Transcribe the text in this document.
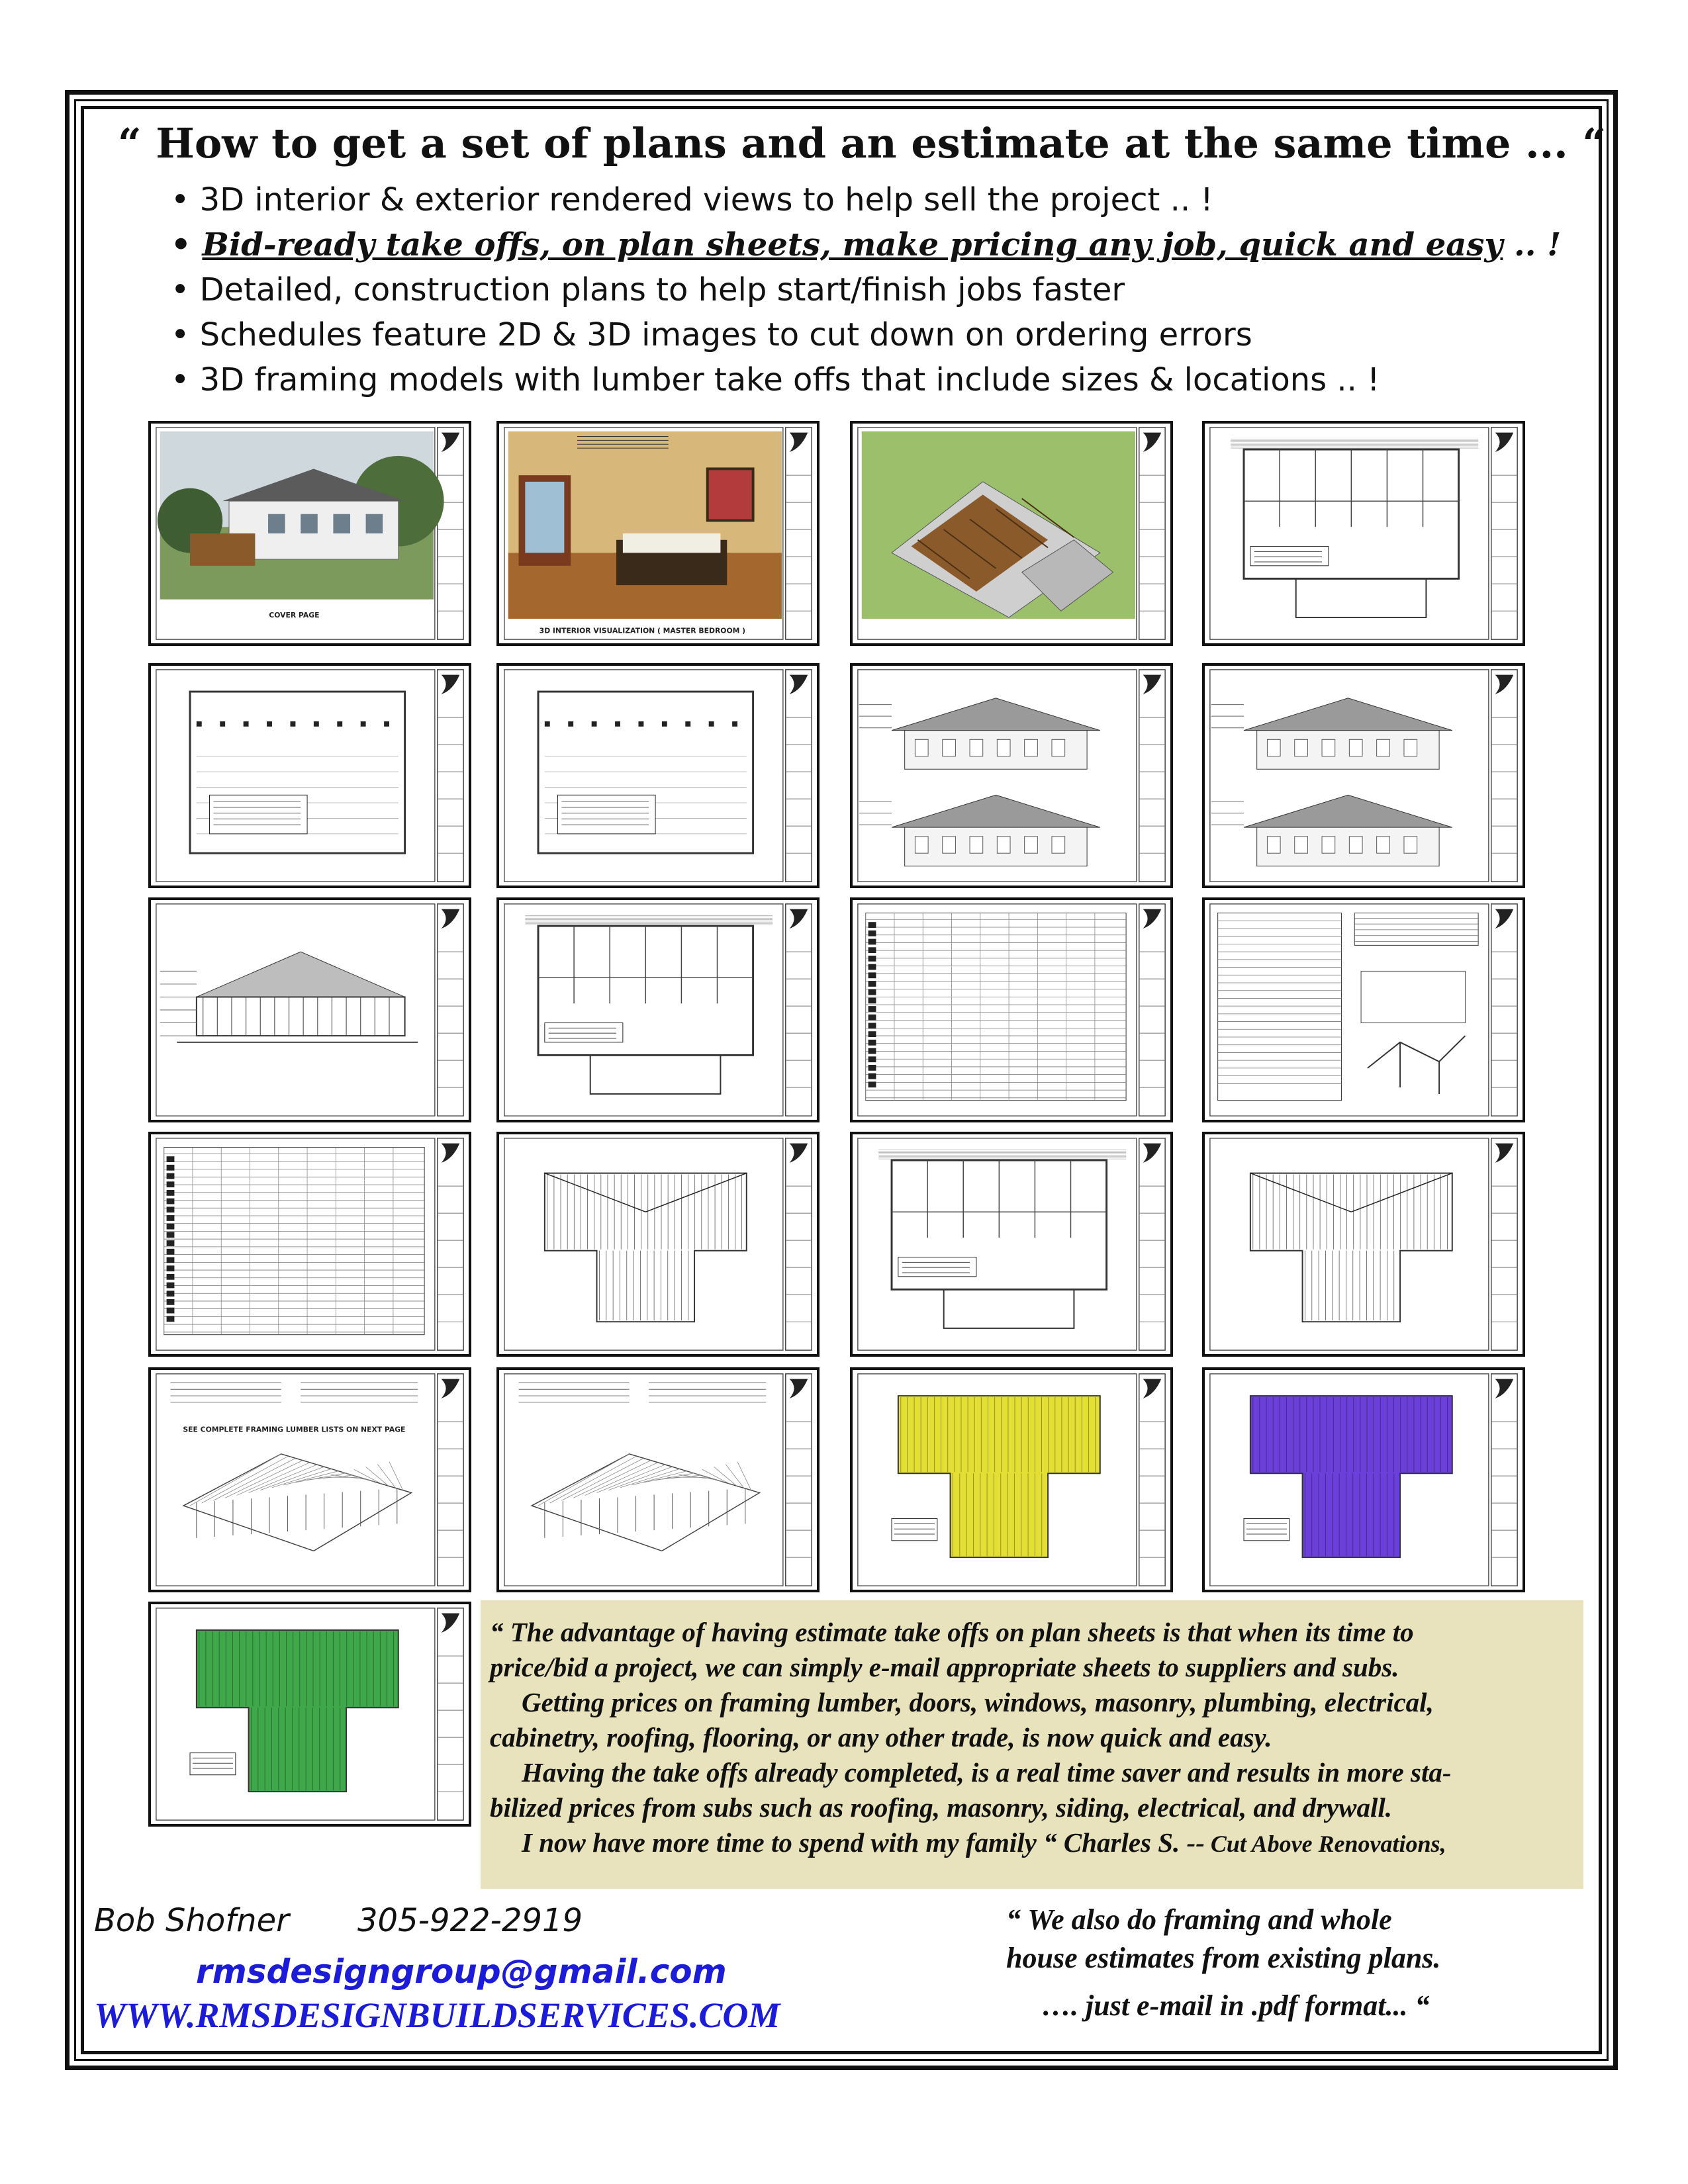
“ How to get a set of plans and an estimate at the same time ... “
• 3D interior & exterior rendered views to help sell the project .. !
• Bid-ready take offs, on plan sheets, make pricing any job, quick and easy .. !
• Detailed, construction plans to help start/finish jobs faster
• Schedules feature 2D & 3D images to cut down on ordering errors
• 3D framing models with lumber take offs that include sizes & locations .. !
COVER PAGE
3D INTERIOR VISUALIZATION ( MASTER BEDROOM )
SEE COMPLETE FRAMING LUMBER LISTS ON NEXT PAGE

“ The advantage of having estimate take offs on plan sheets is that when its time to

price/bid a project, we can simply e-mail appropriate sheets to suppliers and subs.

Getting prices on framing lumber, doors, windows, masonry, plumbing, electrical,

cabinetry, roofing, flooring, or any other trade, is now quick and easy.

Having the take offs already completed, is a real time saver and results in more sta-

bilized prices from subs such as roofing, masonry, siding, electrical, and drywall.

I now have more time to spend with my family “ Charles S. -- Cut Above Renovations,

Bob Shofner 305-922-2919
rmsdesigngroup@gmail.com
WWW.RMSDESIGNBUILDSERVICES.COM
“ We also do framing and whole
house estimates from existing plans.
…. just e-mail in .pdf format... “
